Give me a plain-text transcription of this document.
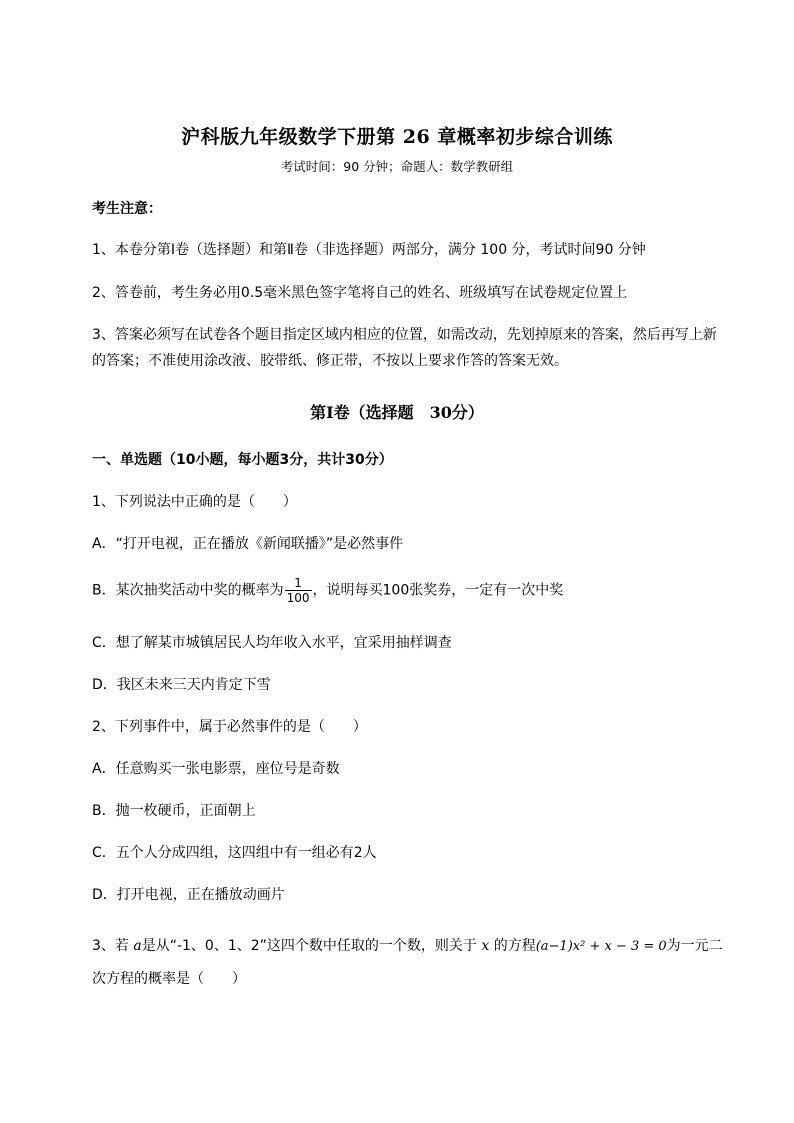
沪科版九年级数学下册第 26 章概率初步综合训练
考试时间：90 分钟；命题人：数学教研组
考生注意：
1、本卷分第Ⅰ卷（选择题）和第Ⅱ卷（非选择题）两部分，满分 100 分，考试时间90 分钟
2、答卷前，考生务必用0.5毫米黑色签字笔将自己的姓名、班级填写在试卷规定位置上
3、答案必须写在试卷各个题目指定区域内相应的位置，如需改动，先划掉原来的答案，然后再写上新
的答案；不准使用涂改液、胶带纸、修正带，不按以上要求作答的答案无效。
第Ⅰ卷（选择题　30分）
一、单选题（10小题，每小题3分，共计30分）
1、下列说法中正确的是（　　）
A．“打开电视，正在播放《新闻联播》”是必然事件
B．某次抽奖活动中奖的概率为 $\frac{1}{100}$ ，说明每买100张奖券，一定有一次中奖
C．想了解某市城镇居民人均年收入水平，宜采用抽样调查
D．我区未来三天内肯定下雪
2、下列事件中，属于必然事件的是（　　）
A．任意购买一张电影票，座位号是奇数
B．抛一枚硬币，正面朝上
C．五个人分成四组，这四组中有一组必有2人
D．打开电视，正在播放动画片
3、若 a是从“-1、0、1、2”这四个数中任取的一个数，则关于 x 的方程(a−1)x² + x − 3 = 0为一元二
次方程的概率是（　　）
